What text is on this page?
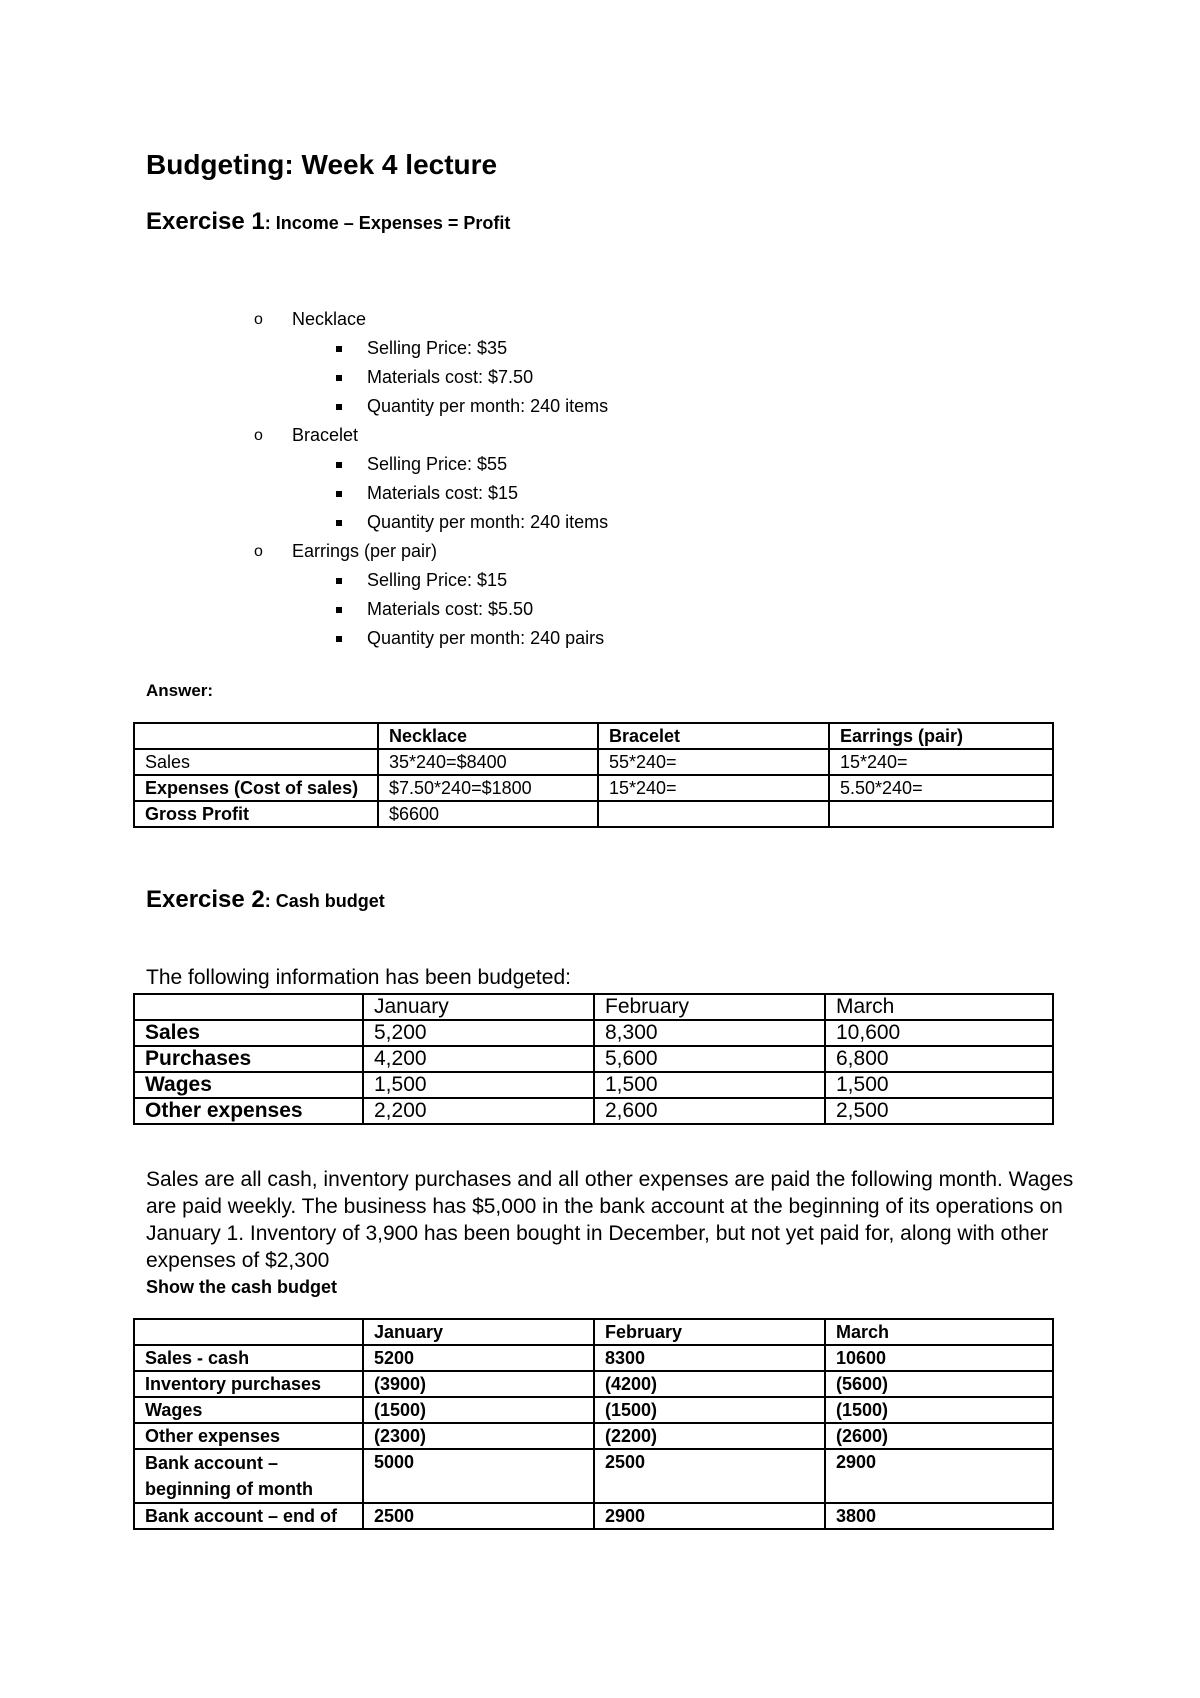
Budgeting: Week 4 lecture
Exercise 1: Income – Expenses = Profit
o Necklace
Selling Price: $35
Materials cost: $7.50
Quantity per month: 240 items
o Bracelet
Selling Price: $55
Materials cost: $15
Quantity per month: 240 items
o Earrings (per pair)
Selling Price: $15
Materials cost: $5.50
Quantity per month: 240 pairs
Answer:
	Necklace	Bracelet	Earrings (pair)
Sales	35*240=$8400	55*240=	15*240=
Expenses (Cost of sales)	$7.50*240=$1800	15*240=	5.50*240=
Gross Profit	$6600		
Exercise 2: Cash budget
The following information has been budgeted:
	January	February	March
Sales	5,200	8,300	10,600
Purchases	4,200	5,600	6,800
Wages	1,500	1,500	1,500
Other expenses	2,200	2,600	2,500
Sales are all cash, inventory purchases and all other expenses are paid the following month. Wages are paid weekly. The business has $5,000 in the bank account at the beginning of its operations on January 1. Inventory of 3,900 has been bought in December, but not yet paid for, along with other expenses of $2,300
Show the cash budget
	January	February	March
Sales - cash	5200	8300	10600
Inventory purchases	(3900)	(4200)	(5600)
Wages	(1500)	(1500)	(1500)
Other expenses	(2300)	(2200)	(2600)
Bank account – beginning of month	5000	2500	2900
Bank account – end of	2500	2900	3800
